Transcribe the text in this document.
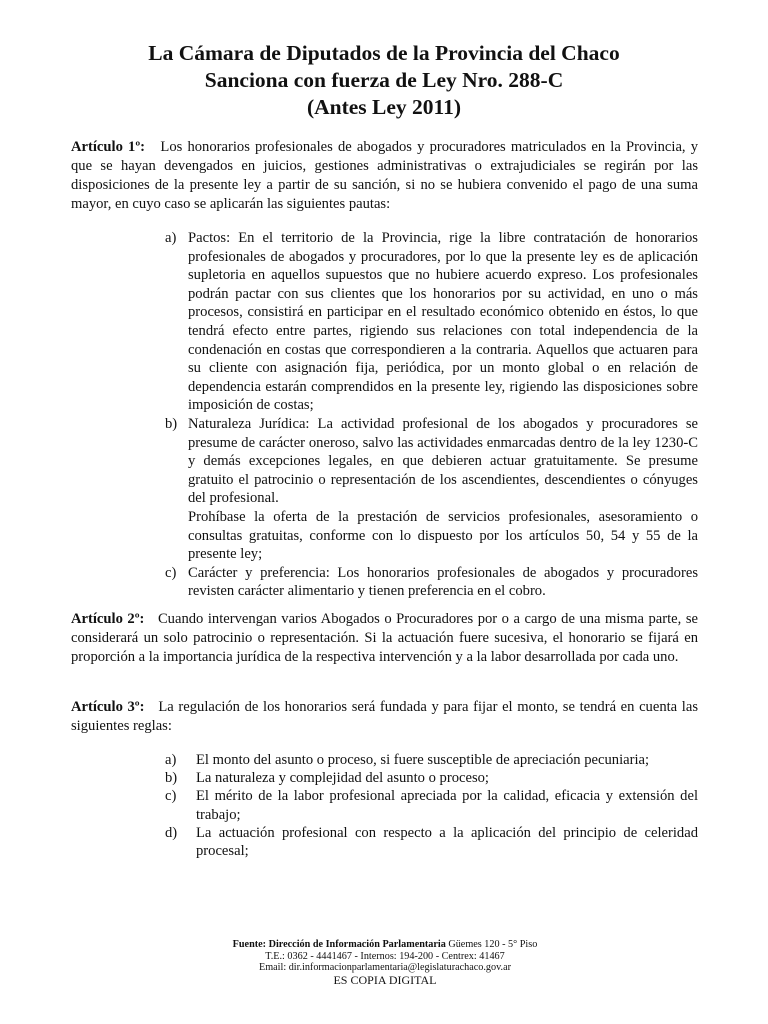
La Cámara de Diputados de la Provincia del Chaco
Sanciona con fuerza de Ley Nro. 288-C
(Antes Ley 2011)
Artículo 1º: Los honorarios profesionales de abogados y procuradores matriculados en la Provincia, y que se hayan devengados en juicios, gestiones administrativas o extrajudiciales se regirán por las disposiciones de la presente ley a partir de su sanción, si no se hubiera convenido el pago de una suma mayor, en cuyo caso se aplicarán las siguientes pautas:
a) Pactos: En el territorio de la Provincia, rige la libre contratación de honorarios profesionales de abogados y procuradores, por lo que la presente ley es de aplicación supletoria en aquellos supuestos que no hubiere acuerdo expreso. Los profesionales podrán pactar con sus clientes que los honorarios por su actividad, en uno o más procesos, consistirá en participar en el resultado económico obtenido en éstos, lo que tendrá efecto entre partes, rigiendo sus relaciones con total independencia de la condenación en costas que correspondieren a la contraria. Aquellos que actuaren para su cliente con asignación fija, periódica, por un monto global o en relación de dependencia estarán comprendidos en la presente ley, rigiendo las disposiciones sobre imposición de costas;
b) Naturaleza Jurídica: La actividad profesional de los abogados y procuradores se presume de carácter oneroso, salvo las actividades enmarcadas dentro de la ley 1230-C y demás excepciones legales, en que debieren actuar gratuitamente. Se presume gratuito el patrocinio o representación de los ascendientes, descendientes o cónyuges del profesional.
Prohíbase la oferta de la prestación de servicios profesionales, asesoramiento o consultas gratuitas, conforme con lo dispuesto por los artículos 50, 54 y 55 de la presente ley;
c) Carácter y preferencia: Los honorarios profesionales de abogados y procuradores revisten carácter alimentario y tienen preferencia en el cobro.
Artículo 2º: Cuando intervengan varios Abogados o Procuradores por o a cargo de una misma parte, se considerará un solo patrocinio o representación. Si la actuación fuere sucesiva, el honorario se fijará en proporción a la importancia jurídica de la respectiva intervención y a la labor desarrollada por cada uno.
Artículo 3º: La regulación de los honorarios será fundada y para fijar el monto, se tendrá en cuenta las siguientes reglas:
a) El monto del asunto o proceso, si fuere susceptible de apreciación pecuniaria;
b) La naturaleza y complejidad del asunto o proceso;
c) El mérito de la labor profesional apreciada por la calidad, eficacia y extensión del trabajo;
d) La actuación profesional con respecto a la aplicación del principio de celeridad procesal;
Fuente: Dirección de Información Parlamentaria Güemes 120 - 5° Piso
T.E.: 0362 - 4441467 - Internos: 194-200 - Centrex: 41467
Email: dir.informacionparlamentaria@legislaturachaco.gov.ar
ES COPIA DIGITAL
